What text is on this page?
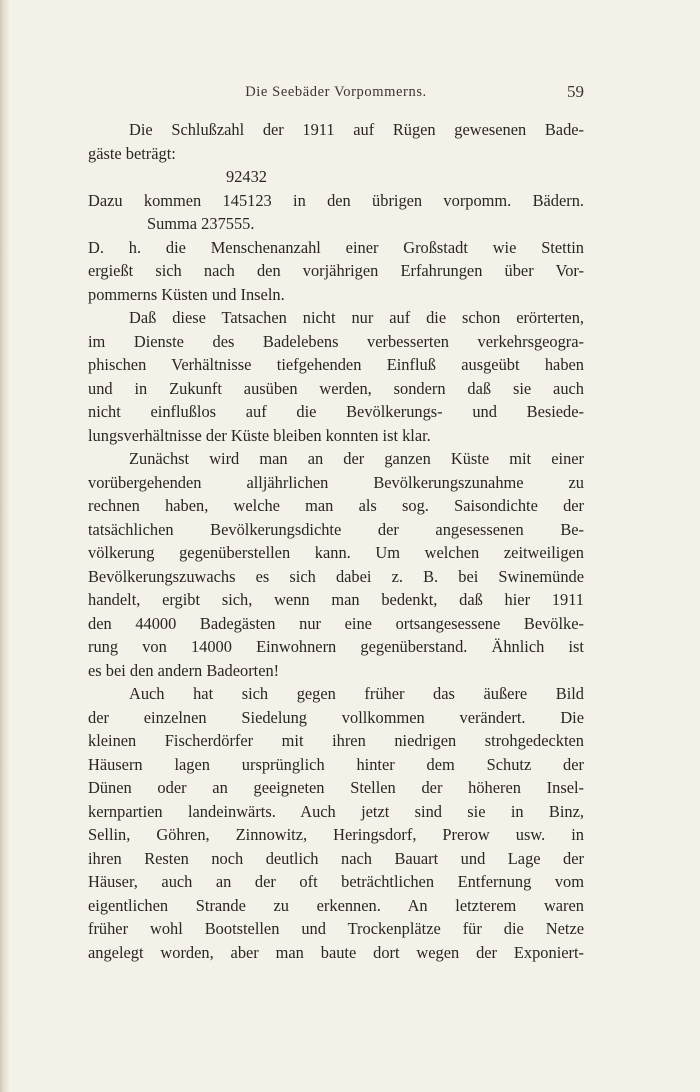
Die Seebäder Vorpommerns.	59
Die Schlußzahl der 1911 auf Rügen gewesenen Bade-
gäste beträgt:
92432
Dazu kommen 145123 in den übrigen vorpomm. Bädern.
Summa 237555.
D. h. die Menschenanzahl einer Großstadt wie Stettin
ergießt sich nach den vorjährigen Erfahrungen über Vor-
pommerns Küsten und Inseln.
Daß diese Tatsachen nicht nur auf die schon erörterten,
im Dienste des Badelebens verbesserten verkehrsgeogra-
phischen Verhältnisse tiefgehenden Einfluß ausgeübt haben
und in Zukunft ausüben werden, sondern daß sie auch
nicht einflußlos auf die Bevölkerungs- und Besiede-
lungsverhältnisse der Küste bleiben konnten ist klar.
Zunächst wird man an der ganzen Küste mit einer
vorübergehenden alljährlichen Bevölkerungszunahme zu
rechnen haben, welche man als sog. Saisondichte der
tatsächlichen Bevölkerungsdichte der angesessenen Be-
völkerung gegenüberstellen kann. Um welchen zeitweiligen
Bevölkerungszuwachs es sich dabei z. B. bei Swinemünde
handelt, ergibt sich, wenn man bedenkt, daß hier 1911
den 44000 Badegästen nur eine ortsangesessene Bevölke-
rung von 14000 Einwohnern gegenüberstand. Ähnlich ist
es bei den andern Badeorten!
Auch hat sich gegen früher das äußere Bild
der einzelnen Siedelung vollkommen verändert. Die
kleinen Fischerdörfer mit ihren niedrigen strohgedeckten
Häusern lagen ursprünglich hinter dem Schutz der
Dünen oder an geeigneten Stellen der höheren Insel-
kernpartien landeinwärts. Auch jetzt sind sie in Binz,
Sellin, Göhren, Zinnowitz, Heringsdorf, Prerow usw. in
ihren Resten noch deutlich nach Bauart und Lage der
Häuser, auch an der oft beträchtlichen Entfernung vom
eigentlichen Strande zu erkennen. An letzterem waren
früher wohl Bootstellen und Trockenplätze für die Netze
angelegt worden, aber man baute dort wegen der Exponiert-
